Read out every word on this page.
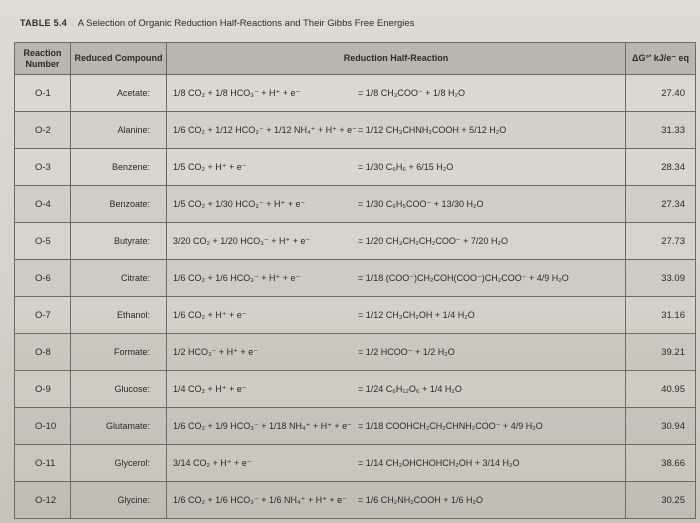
TABLE 5.4 A Selection of Organic Reduction Half-Reactions and Their Gibbs Free Energies
Reaction Number	Reduced Compound	Reduction Half-Reaction	ΔG°′ kJ/e⁻ eq
O-1	Acetate:	1/8 CO₂ + 1/8 HCO₃⁻ + H⁺ + e⁻ = 1/8 CH₃COO⁻ + 1/8 H₂O	27.40
O-2	Alanine:	1/6 CO₂ + 1/12 HCO₃⁻ + 1/12 NH₄⁺ + H⁺ + e⁻= 1/12 CH₃CHNH₂COOH + 5/12 H₂O	31.33
O-3	Benzene:	1/5 CO₂ + H⁺ + e⁻ = 1/30 C₆H₆ + 6/15 H₂O	28.34
O-4	Benzoate:	1/5 CO₂ + 1/30 HCO₃⁻ + H⁺ + e⁻ = 1/30 C₆H₅COO⁻ + 13/30 H₂O	27.34
O-5	Butyrate:	3/20 CO₂ + 1/20 HCO₃⁻ + H⁺ + e⁻ = 1/20 CH₃CH₂CH₂COO⁻ + 7/20 H₂O	27.73
O-6	Citrate:	1/6 CO₂ + 1/6 HCO₃⁻ + H⁺ + e⁻ = 1/18 (COO⁻)CH₂COH(COO⁻)CH₂COO⁻ + 4/9 H₂O	33.09
O-7	Ethanol:	1/6 CO₂ + H⁺ + e⁻ = 1/12 CH₃CH₂OH + 1/4 H₂O	31.16
O-8	Formate:	1/2 HCO₃⁻ + H⁺ + e⁻ = 1/2 HCOO⁻ + 1/2 H₂O	39.21
O-9	Glucose:	1/4 CO₂ + H⁺ + e⁻ = 1/24 C₆H₁₂O₆ + 1/4 H₂O	40.95
O-10	Glutamate:	1/6 CO₂ + 1/9 HCO₃⁻ + 1/18 NH₄⁺ + H⁺ + e⁻ = 1/18 COOHCH₂CH₂CHNH₂COO⁻ + 4/9 H₂O	30.94
O-11	Glycerol:	3/14 CO₂ + H⁺ + e⁻ = 1/14 CH₂OHCHOHCH₂OH + 3/14 H₂O	38.66
O-12	Glycine:	1/6 CO₂ + 1/6 HCO₃⁻ + 1/6 NH₄⁺ + H⁺ + e⁻ = 1/6 CH₂NH₂COOH + 1/6 H₂O	30.25
